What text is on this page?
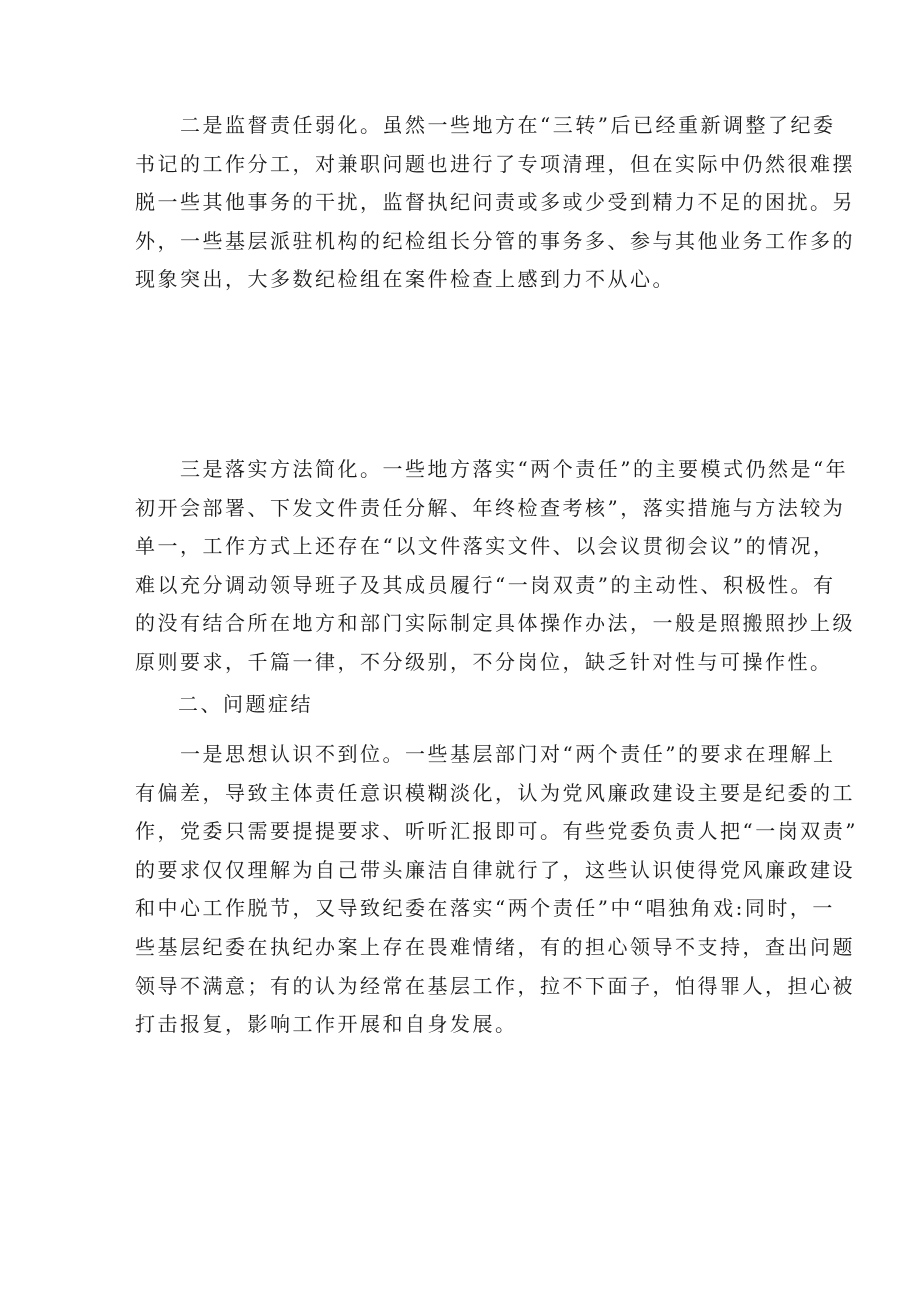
　　二是监督责任弱化。虽然一些地方在“三转”后已经重新调整了纪委
书记的工作分工，对兼职问题也进行了专项清理，但在实际中仍然很难摆
脱一些其他事务的干扰，监督执纪问责或多或少受到精力不足的困扰。另
外，一些基层派驻机构的纪检组长分管的事务多、参与其他业务工作多的
现象突出，大多数纪检组在案件检查上感到力不从心。

　　三是落实方法简化。一些地方落实“两个责任”的主要模式仍然是“年
初开会部署、下发文件责任分解、年终检查考核”，落实措施与方法较为
单一，工作方式上还存在“以文件落实文件、以会议贯彻会议”的情况，
难以充分调动领导班子及其成员履行“一岗双责”的主动性、积极性。有
的没有结合所在地方和部门实际制定具体操作办法，一般是照搬照抄上级
原则要求，千篇一律，不分级别，不分岗位，缺乏针对性与可操作性。

二、问题症结

　　一是思想认识不到位。一些基层部门对“两个责任”的要求在理解上
有偏差，导致主体责任意识模糊淡化，认为党风廉政建设主要是纪委的工
作，党委只需要提提要求、听听汇报即可。有些党委负责人把“一岗双责”
的要求仅仅理解为自己带头廉洁自律就行了，这些认识使得党风廉政建设
和中心工作脱节，又导致纪委在落实“两个责任”中“唱独角戏:同时，一
些基层纪委在执纪办案上存在畏难情绪，有的担心领导不支持，查出问题
领导不满意；有的认为经常在基层工作，拉不下面子，怕得罪人，担心被
打击报复，影响工作开展和自身发展。
